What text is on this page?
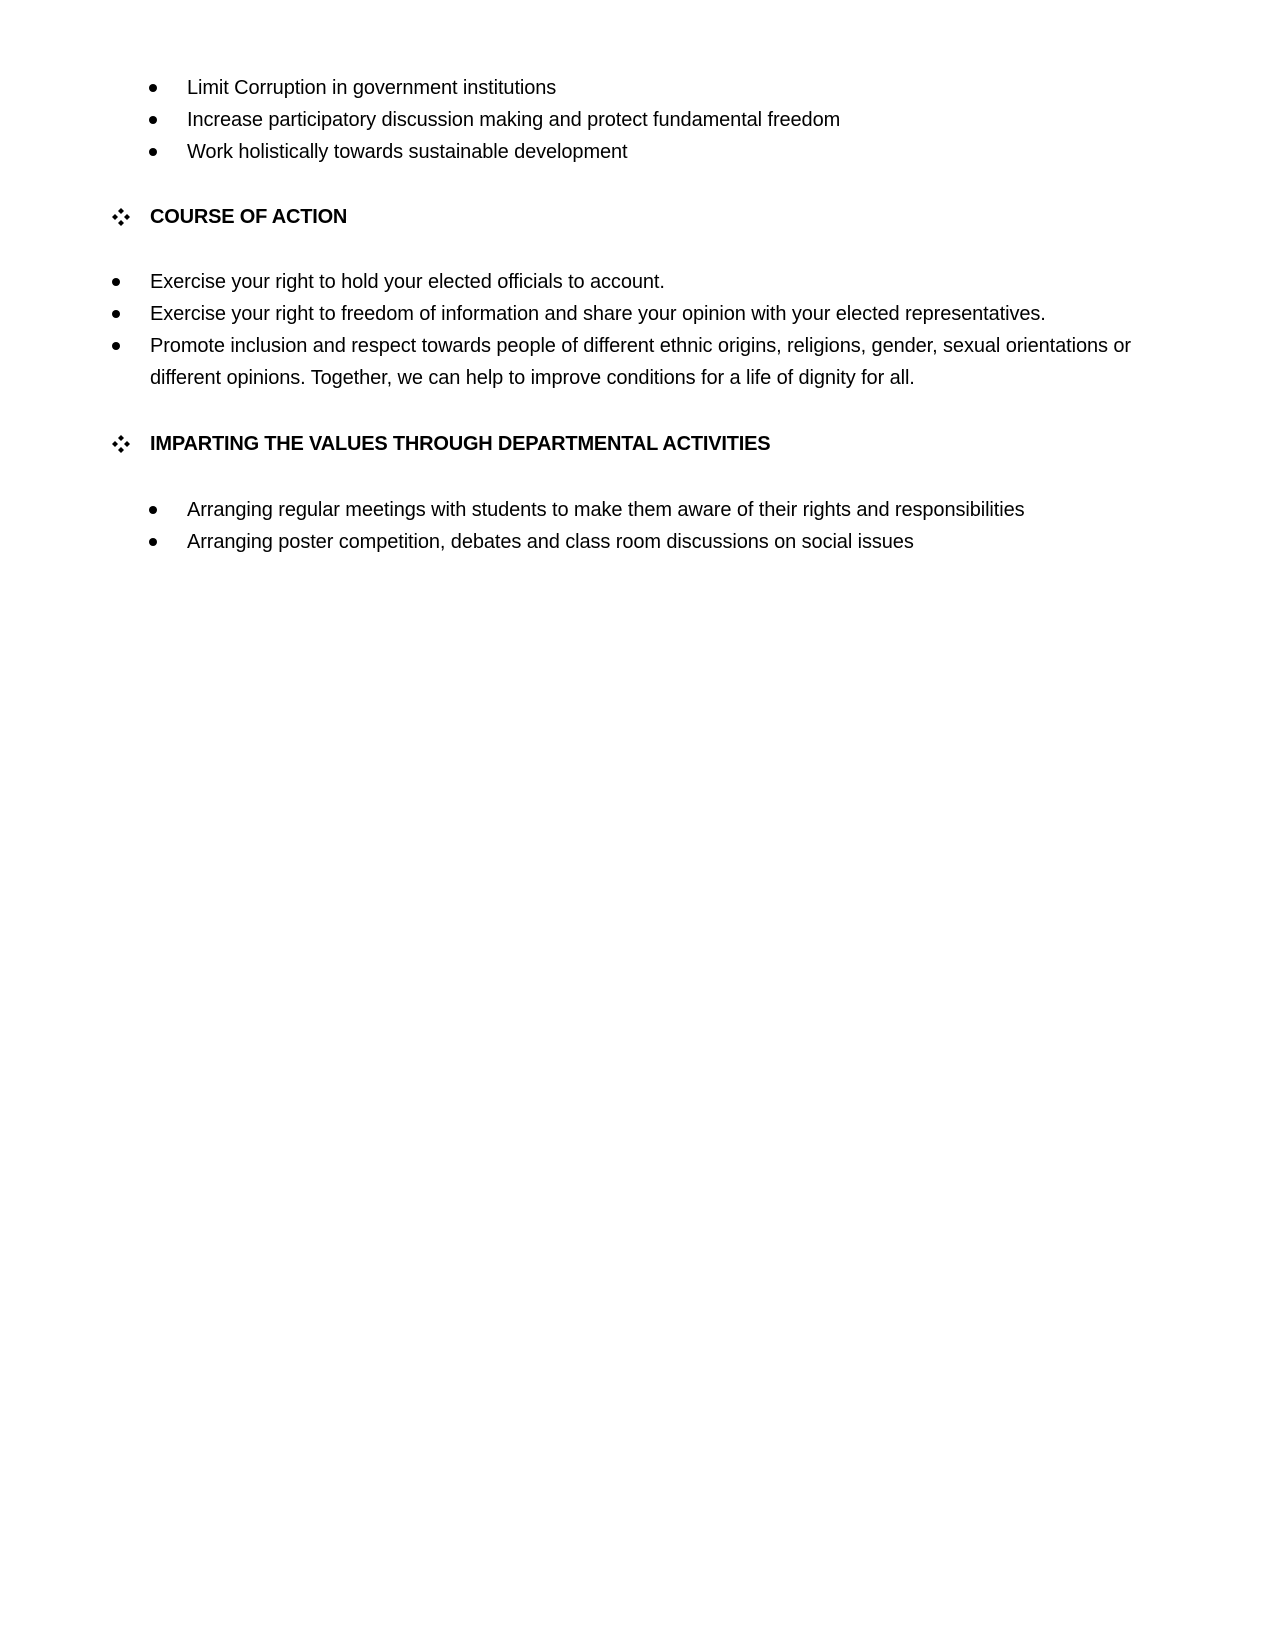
Limit Corruption in government institutions
Increase participatory discussion making and protect fundamental freedom
Work holistically towards sustainable development
COURSE OF ACTION
Exercise your right to hold your elected officials to account.
Exercise your right to freedom of information and share your opinion with your elected representatives.
Promote inclusion and respect towards people of different ethnic origins, religions, gender, sexual orientations or different opinions. Together, we can help to improve conditions for a life of dignity for all.
IMPARTING THE VALUES THROUGH DEPARTMENTAL ACTIVITIES
Arranging regular meetings with students to make them aware of their rights and responsibilities
Arranging poster competition, debates and class room discussions on social issues
